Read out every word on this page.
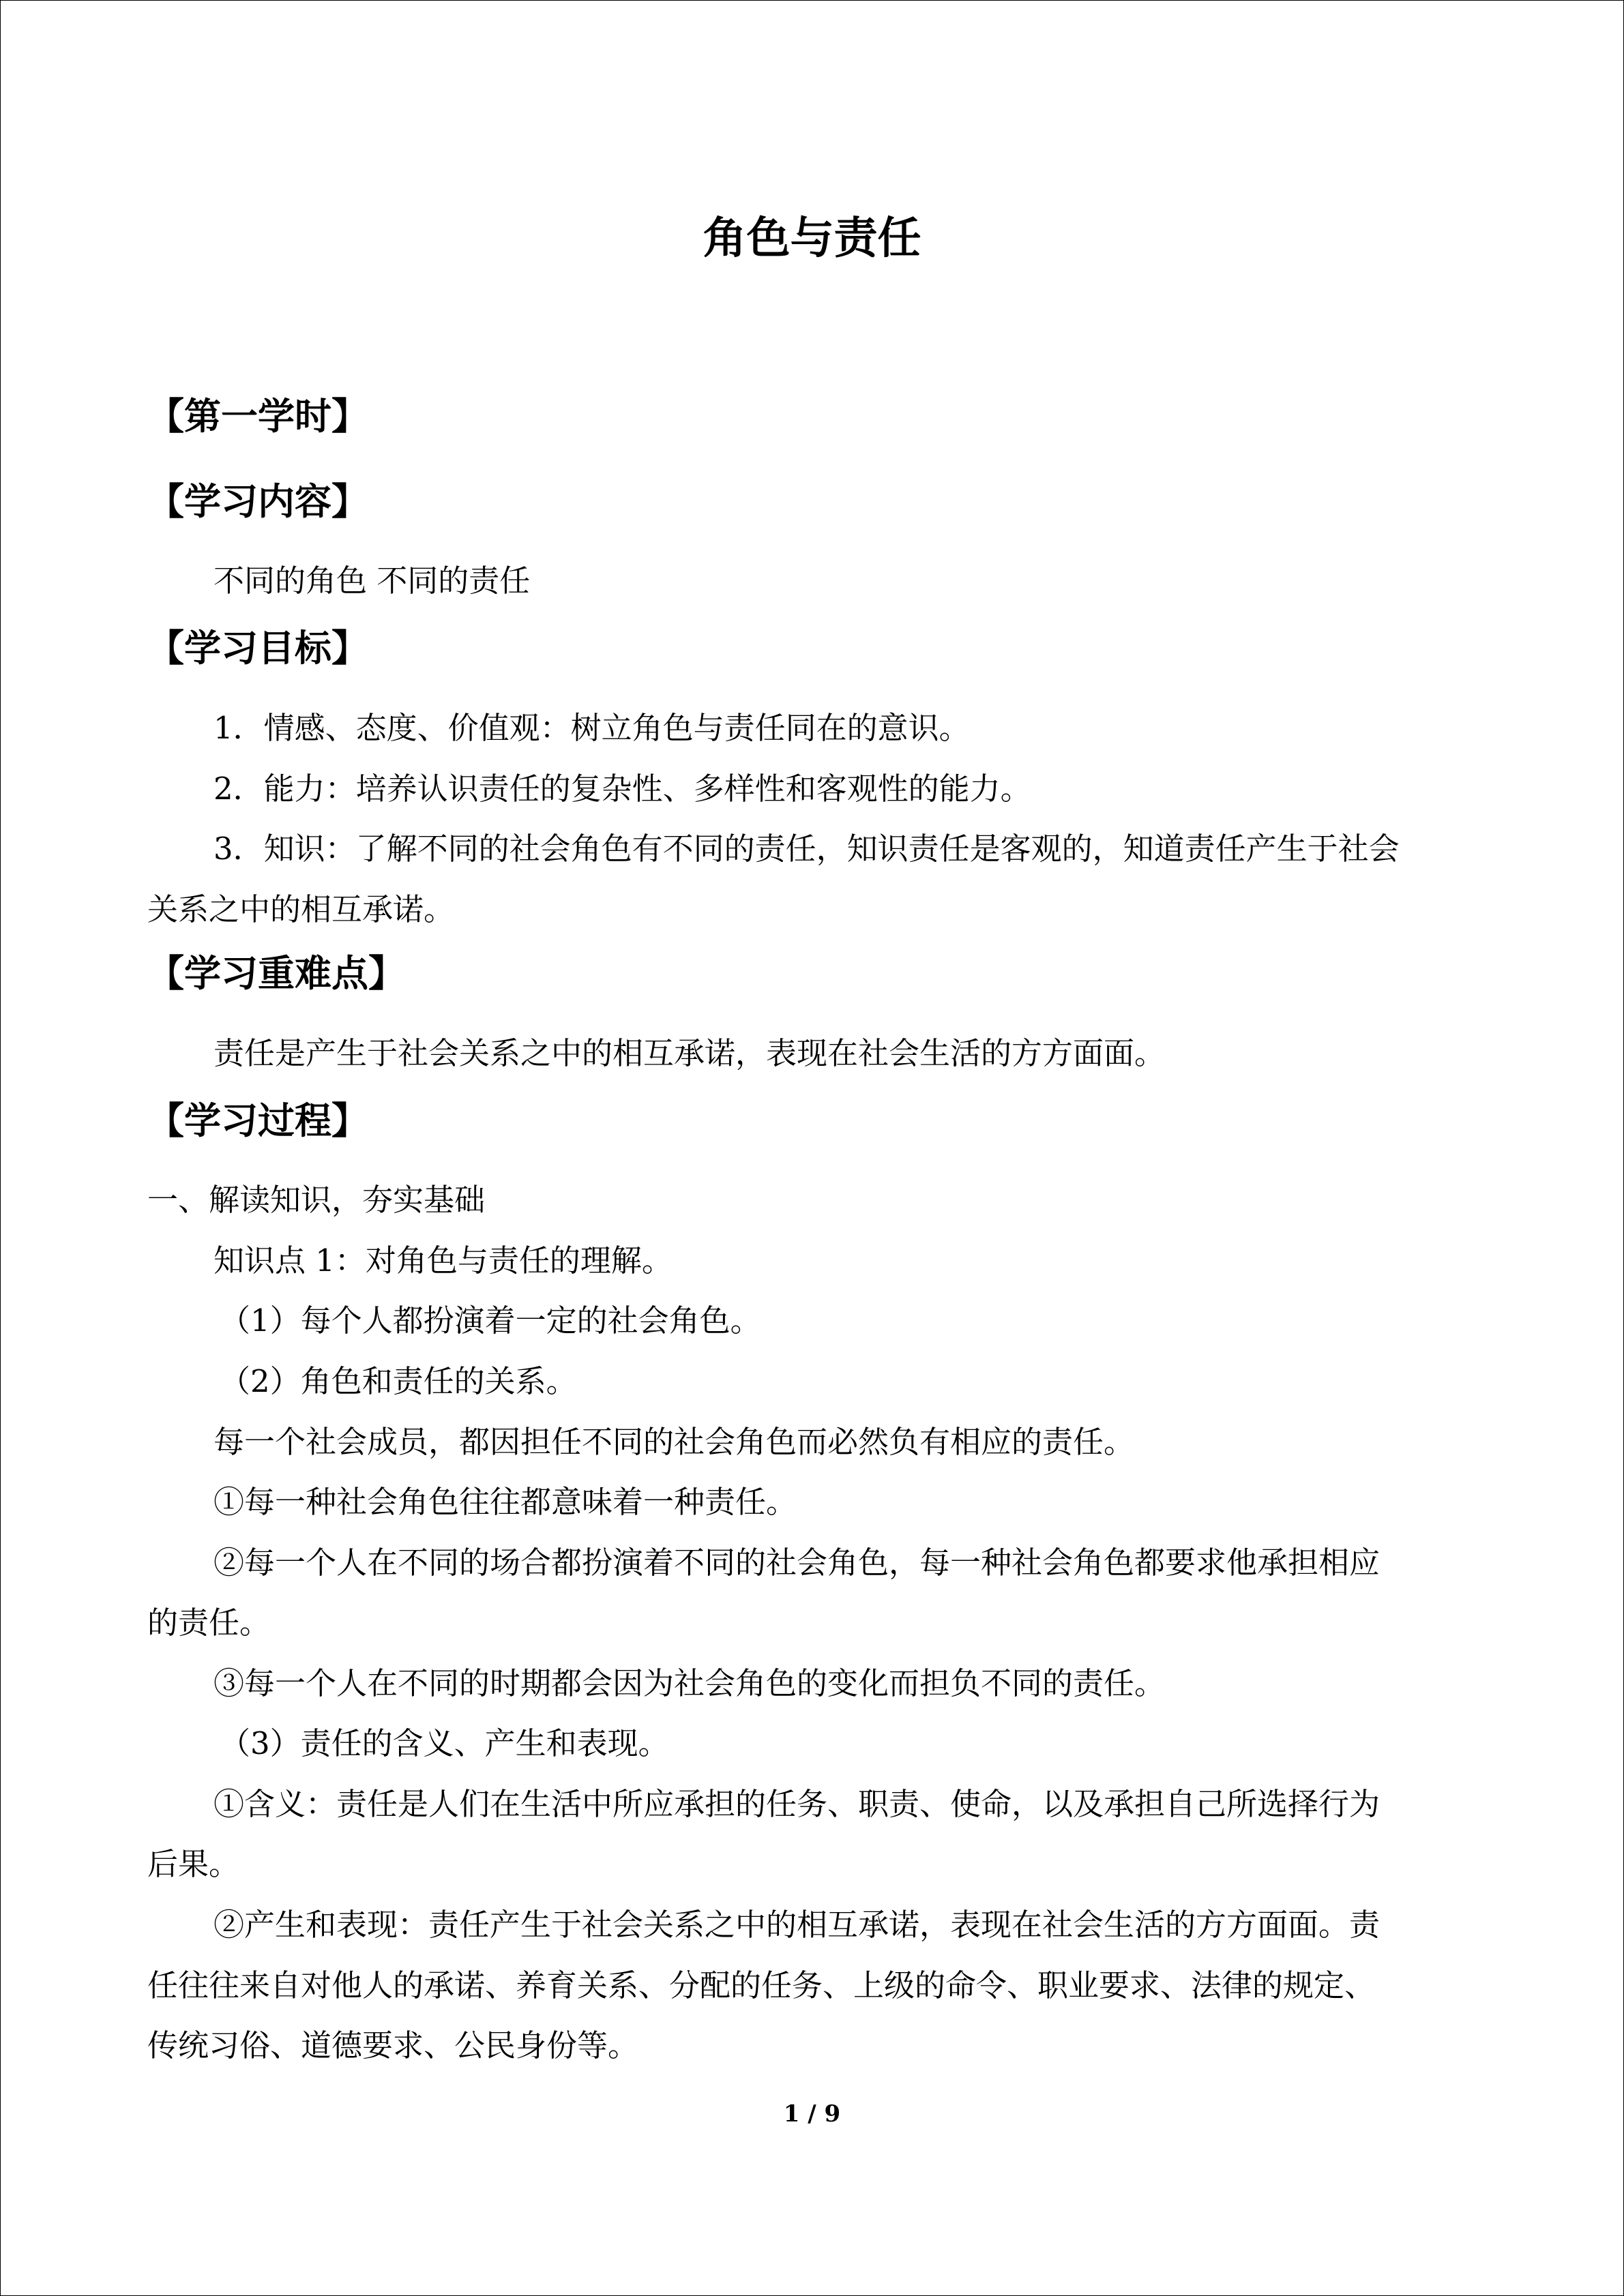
角色与责任
【第一学时】
【学习内容】
不同的角色 不同的责任
【学习目标】
1．情感、态度、价值观：树立角色与责任同在的意识。
2．能力：培养认识责任的复杂性、多样性和客观性的能力。
3．知识：了解不同的社会角色有不同的责任，知识责任是客观的，知道责任产生于社会
关系之中的相互承诺。
【学习重难点】
责任是产生于社会关系之中的相互承诺，表现在社会生活的方方面面。
【学习过程】
一、解读知识，夯实基础
知识点 1：对角色与责任的理解。
（1）每个人都扮演着一定的社会角色。
（2）角色和责任的关系。
每一个社会成员，都因担任不同的社会角色而必然负有相应的责任。
①每一种社会角色往往都意味着一种责任。
②每一个人在不同的场合都扮演着不同的社会角色，每一种社会角色都要求他承担相应
的责任。
③每一个人在不同的时期都会因为社会角色的变化而担负不同的责任。
（3）责任的含义、产生和表现。
①含义：责任是人们在生活中所应承担的任务、职责、使命，以及承担自己所选择行为
后果。
②产生和表现：责任产生于社会关系之中的相互承诺，表现在社会生活的方方面面。责
任往往来自对他人的承诺、养育关系、分配的任务、上级的命令、职业要求、法律的规定、
传统习俗、道德要求、公民身份等。
1 / 9
